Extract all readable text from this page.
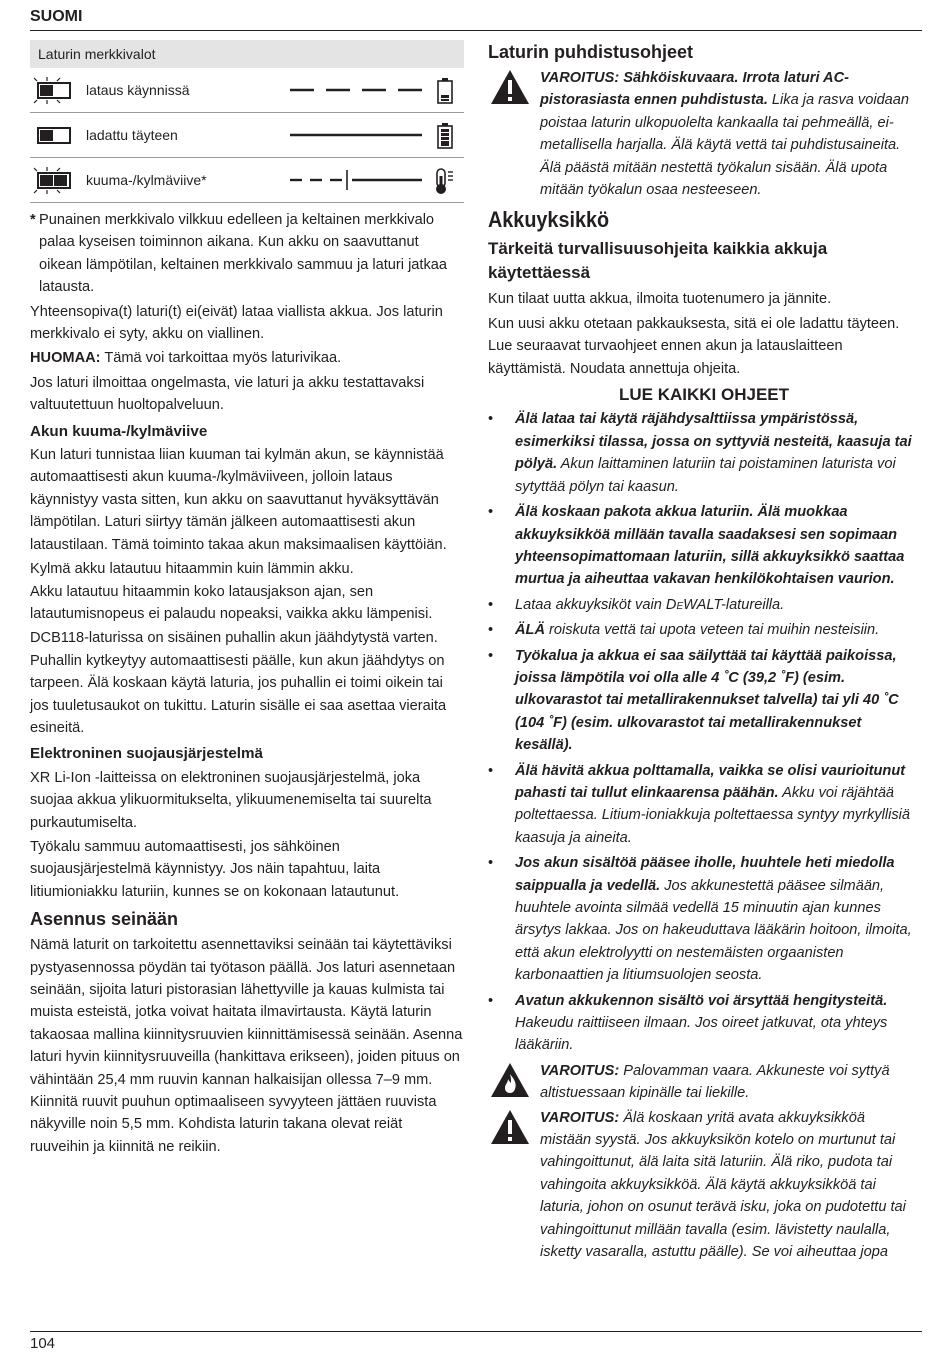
SUOMI
Laturin merkkivalot
lataus käynnissä
ladattu täyteen
kuuma-/kylmäviive*

* Punainen merkkivalo vilkkuu edelleen ja keltainen merkkivalo palaa kyseisen toiminnon aikana. Kun akku on saavuttanut oikean lämpötilan, keltainen merkkivalo sammuu ja laturi jatkaa latausta.

Yhteensopiva(t) laturi(t) ei(eivät) lataa viallista akkua. Jos laturin merkkivalo ei syty, akku on viallinen.

HUOMAA: Tämä voi tarkoittaa myös laturivikaa.

Jos laturi ilmoittaa ongelmasta, vie laturi ja akku testattavaksi valtuutettuun huoltopalveluun.

Akun kuuma-/kylmäviive

Kun laturi tunnistaa liian kuuman tai kylmän akun, se käynnistää automaattisesti akun kuuma-/kylmäviiveen, jolloin lataus käynnistyy vasta sitten, kun akku on saavuttanut hyväksyttävän lämpötilan. Laturi siirtyy tämän jälkeen automaattisesti akun lataustilaan. Tämä toiminto takaa akun maksimaalisen käyttöiän.

Kylmä akku latautuu hitaammin kuin lämmin akku.

Akku latautuu hitaammin koko latausjakson ajan, sen latautumisnopeus ei palaudu nopeaksi, vaikka akku lämpenisi.

DCB118-laturissa on sisäinen puhallin akun jäähdytystä varten. Puhallin kytkeytyy automaattisesti päälle, kun akun jäähdytys on tarpeen. Älä koskaan käytä laturia, jos puhallin ei toimi oikein tai jos tuuletusaukot on tukittu. Laturin sisälle ei saa asettaa vieraita esineitä.

Elektroninen suojausjärjestelmä

XR Li-Ion -laitteissa on elektroninen suojausjärjestelmä, joka suojaa akkua ylikuormitukselta, ylikuumenemiselta tai suurelta purkautumiselta.

Työkalu sammuu automaattisesti, jos sähköinen suojausjärjestelmä käynnistyy. Jos näin tapahtuu, laita litiumioniakku laturiin, kunnes se on kokonaan latautunut.

Asennus seinään

Nämä laturit on tarkoitettu asennettaviksi seinään tai käytettäviksi pystyasennossa pöydän tai työtason päällä. Jos laturi asennetaan seinään, sijoita laturi pistorasian lähettyville ja kauas kulmista tai muista esteistä, jotka voivat haitata ilmavirtausta. Käytä laturin takaosaa mallina kiinnitysruuvien kiinnittämisessä seinään. Asenna laturi hyvin kiinnitysruuveilla (hankittava erikseen), joiden pituus on vähintään 25,4 mm ruuvin kannan halkaisijan ollessa 7–9 mm. Kiinnitä ruuvit puuhun optimaaliseen syvyyteen jättäen ruuvista näkyville noin 5,5 mm. Kohdista laturin takana olevat reiät ruuveihin ja kiinnitä ne reikiin.

Laturin puhdistusohjeet
VAROITUS: Sähköiskuvaara. Irrota laturi AC-pistorasiasta ennen puhdistusta. Lika ja rasva voidaan poistaa laturin ulkopuolelta kankaalla tai pehmeällä, ei-metallisella harjalla. Älä käytä vettä tai puhdistusaineita. Älä päästä mitään nestettä työkalun sisään. Älä upota mitään työkalun osaa nesteeseen.
Akkuyksikkö
Tärkeitä turvallisuusohjeita kaikkia akkuja käytettäessä

Kun tilaat uutta akkua, ilmoita tuotenumero ja jännite.

Kun uusi akku otetaan pakkauksesta, sitä ei ole ladattu täyteen. Lue seuraavat turvaohjeet ennen akun ja latauslaitteen käyttämistä. Noudata annettuja ohjeita.

LUE KAIKKI OHJEET
• Älä lataa tai käytä räjähdysalttiissa ympäristössä, esimerkiksi tilassa, jossa on syttyviä nesteitä, kaasuja tai pölyä. Akun laittaminen laturiin tai poistaminen laturista voi sytyttää pölyn tai kaasun.
• Älä koskaan pakota akkua laturiin. Älä muokkaa akkuyksikköä millään tavalla saadaksesi sen sopimaan yhteensopimattomaan laturiin, sillä akkuyksikkö saattaa murtua ja aiheuttaa vakavan henkilökohtaisen vaurion.
• Lataa akkuyksiköt vain DeWALT-latureilla.
• ÄLÄ roiskuta vettä tai upota veteen tai muihin nesteisiin.
• Työkalua ja akkua ei saa säilyttää tai käyttää paikoissa, joissa lämpötila voi olla alle 4 ˚C (39,2 ˚F) (esim. ulkovarastot tai metallirakennukset talvella) tai yli 40 ˚C (104 ˚F) (esim. ulkovarastot tai metallirakennukset kesällä).
• Älä hävitä akkua polttamalla, vaikka se olisi vaurioitunut pahasti tai tullut elinkaarensa päähän. Akku voi räjähtää poltettaessa. Litium-ioniakkuja poltettaessa syntyy myrkyllisiä kaasuja ja aineita.
• Jos akun sisältöä pääsee iholle, huuhtele heti miedolla saippualla ja vedellä. Jos akkunestettä pääsee silmään, huuhtele avointa silmää vedellä 15 minuutin ajan kunnes ärsytys lakkaa. Jos on hakeuduttava lääkärin hoitoon, ilmoita, että akun elektrolyytti on nestemäisten orgaanisten karbonaattien ja litiumsuolojen seosta.
• Avatun akkukennon sisältö voi ärsyttää hengitysteitä. Hakeudu raittiiseen ilmaan. Jos oireet jatkuvat, ota yhteys lääkäriin.
VAROITUS: Palovamman vaara. Akkuneste voi syttyä altistuessaan kipinälle tai liekille.
VAROITUS: Älä koskaan yritä avata akkuyksikköä mistään syystä. Jos akkuyksikön kotelo on murtunut tai vahingoittunut, älä laita sitä laturiin. Älä riko, pudota tai vahingoita akkuyksikköä. Älä käytä akkuyksikköä tai laturia, johon on osunut terävä isku, joka on pudotettu tai vahingoittunut millään tavalla (esim. lävistetty naulalla, isketty vasaralla, astuttu päälle). Se voi aiheuttaa jopa
104
